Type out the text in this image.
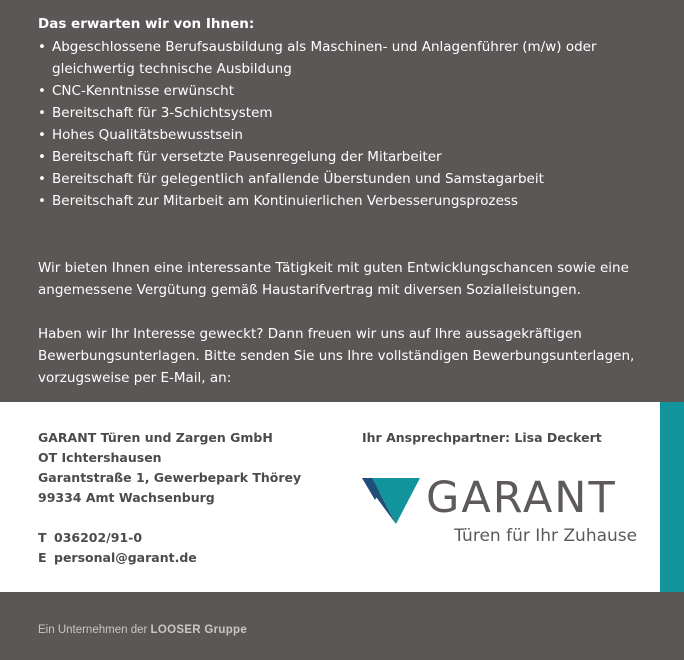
Das erwarten wir von Ihnen:
• Abgeschlossene Berufsausbildung als Maschinen- und Anlagenführer (m/w) oder gleichwertig technische Ausbildung
• CNC-Kenntnisse erwünscht
• Bereitschaft für 3-Schichtsystem
• Hohes Qualitätsbewusstsein
• Bereitschaft für versetzte Pausenregelung der Mitarbeiter
• Bereitschaft für gelegentlich anfallende Überstunden und Samstagarbeit
• Bereitschaft zur Mitarbeit am Kontinuierlichen Verbesserungsprozess

Wir bieten Ihnen eine interessante Tätigkeit mit guten Entwicklungschancen sowie eine angemessene Vergütung gemäß Haustarifvertrag mit diversen Sozialleistungen.

Haben wir Ihr Interesse geweckt? Dann freuen wir uns auf Ihre aussagekräftigen Bewerbungsunterlagen. Bitte senden Sie uns Ihre vollständigen Bewerbungsunterlagen, vorzugsweise per E-Mail, an:

GARANT Türen und Zargen GmbH
OT Ichtershausen
Garantstraße 1, Gewerbepark Thörey
99334 Amt Wachsenburg
T 036202/91-0
E personal@garant.de
Ihr Ansprechpartner: Lisa Deckert
GARANT
Türen für Ihr Zuhause
Ein Unternehmen der LOOSER Gruppe
